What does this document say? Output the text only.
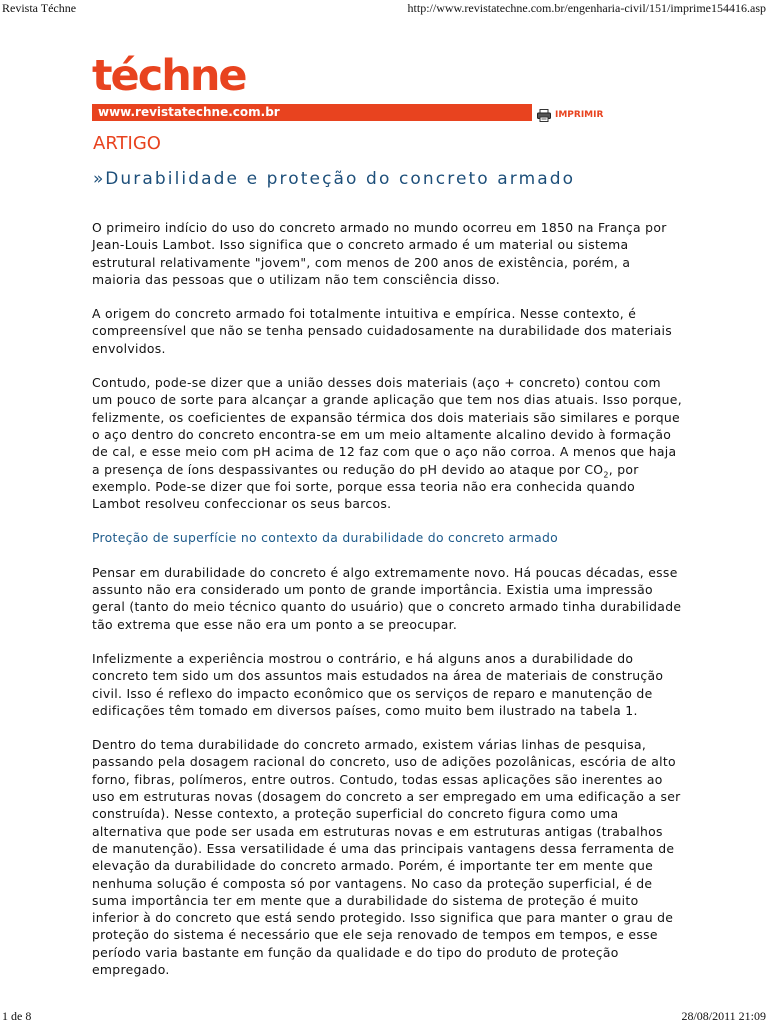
Revista Téchne	http://www.revistatechne.com.br/engenharia-civil/151/imprime154416.asp
téchne
www.revistatechne.com.br	IMPRIMIR
ARTIGO
»Durabilidade e proteção do concreto armado

O primeiro indício do uso do concreto armado no mundo ocorreu em 1850 na França por Jean-Louis Lambot. Isso significa que o concreto armado é um material ou sistema estrutural relativamente "jovem", com menos de 200 anos de existência, porém, a maioria das pessoas que o utilizam não tem consciência disso.

A origem do concreto armado foi totalmente intuitiva e empírica. Nesse contexto, é compreensível que não se tenha pensado cuidadosamente na durabilidade dos materiais envolvidos.

Contudo, pode-se dizer que a união desses dois materiais (aço + concreto) contou com um pouco de sorte para alcançar a grande aplicação que tem nos dias atuais. Isso porque, felizmente, os coeficientes de expansão térmica dos dois materiais são similares e porque o aço dentro do concreto encontra-se em um meio altamente alcalino devido à formação de cal, e esse meio com pH acima de 12 faz com que o aço não corroa. A menos que haja a presença de íons despassivantes ou redução do pH devido ao ataque por $CO_2$, por exemplo. Pode-se dizer que foi sorte, porque essa teoria não era conhecida quando Lambot resolveu confeccionar os seus barcos.

Proteção de superfície no contexto da durabilidade do concreto armado

Pensar em durabilidade do concreto é algo extremamente novo. Há poucas décadas, esse assunto não era considerado um ponto de grande importância. Existia uma impressão geral (tanto do meio técnico quanto do usuário) que o concreto armado tinha durabilidade tão extrema que esse não era um ponto a se preocupar.

Infelizmente a experiência mostrou o contrário, e há alguns anos a durabilidade do concreto tem sido um dos assuntos mais estudados na área de materiais de construção civil. Isso é reflexo do impacto econômico que os serviços de reparo e manutenção de edificações têm tomado em diversos países, como muito bem ilustrado na tabela 1.

Dentro do tema durabilidade do concreto armado, existem várias linhas de pesquisa, passando pela dosagem racional do concreto, uso de adições pozolânicas, escória de alto forno, fibras, polímeros, entre outros. Contudo, todas essas aplicações são inerentes ao uso em estruturas novas (dosagem do concreto a ser empregado em uma edificação a ser construída). Nesse contexto, a proteção superficial do concreto figura como uma alternativa que pode ser usada em estruturas novas e em estruturas antigas (trabalhos de manutenção). Essa versatilidade é uma das principais vantagens dessa ferramenta de elevação da durabilidade do concreto armado. Porém, é importante ter em mente que nenhuma solução é composta só por vantagens. No caso da proteção superficial, é de suma importância ter em mente que a durabilidade do sistema de proteção é muito inferior à do concreto que está sendo protegido. Isso significa que para manter o grau de proteção do sistema é necessário que ele seja renovado de tempos em tempos, e esse período varia bastante em função da qualidade e do tipo do produto de proteção empregado.

1 de 8	28/08/2011 21:09
